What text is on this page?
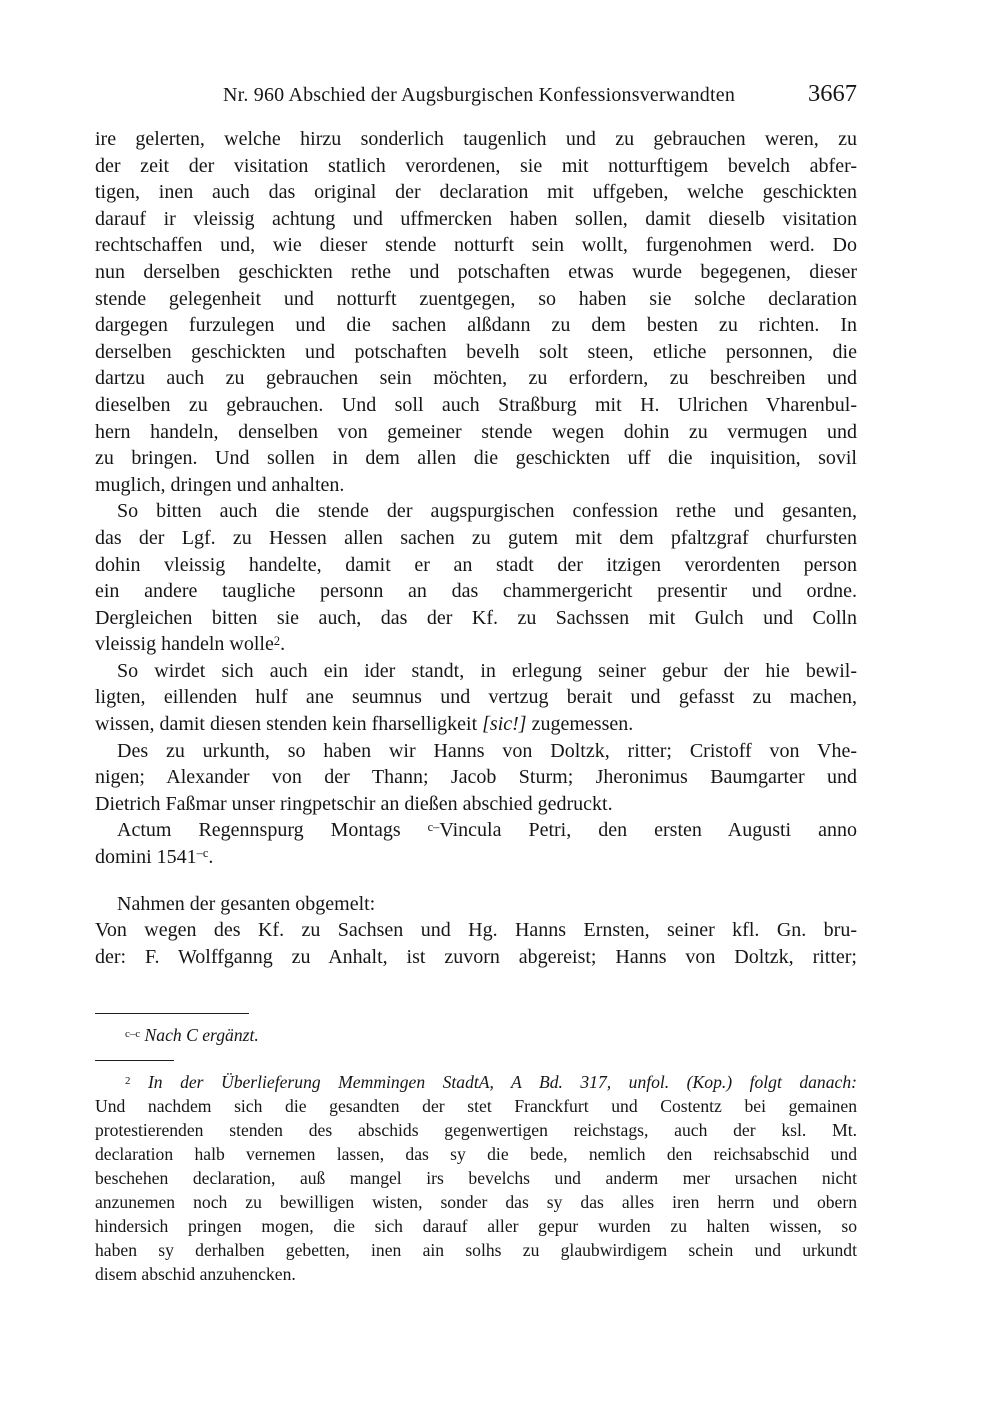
Nr. 960 Abschied der Augsburgischen Konfessionsverwandten	3667
ire gelerten, welche hirzu sonderlich taugenlich und zu gebrauchen weren, zu
der zeit der visitation statlich verordenen, sie mit notturftigem bevelch abfer-
tigen, inen auch das original der declaration mit uffgeben, welche geschickten
darauf ir vleissig achtung und uffmercken haben sollen, damit dieselb visitation
rechtschaffen und, wie dieser stende notturft sein wollt, furgenohmen werd. Do
nun derselben geschickten rethe und potschaften etwas wurde begegenen, dieser
stende gelegenheit und notturft zuentgegen, so haben sie solche declaration
dargegen furzulegen und die sachen alßdann zu dem besten zu richten. In
derselben geschickten und potschaften bevelh solt steen, etliche personnen, die
dartzu auch zu gebrauchen sein möchten, zu erfordern, zu beschreiben und
dieselben zu gebrauchen. Und soll auch Straßburg mit H. Ulrichen Vharenbul-
hern handeln, denselben von gemeiner stende wegen dohin zu vermugen und
zu bringen. Und sollen in dem allen die geschickten uff die inquisition, sovil
muglich, dringen und anhalten.
So bitten auch die stende der augspurgischen confession rethe und gesanten,
das der Lgf. zu Hessen allen sachen zu gutem mit dem pfaltzgraf churfursten
dohin vleissig handelte, damit er an stadt der itzigen verordenten person
ein andere taugliche personn an das chammergericht presentir und ordne.
Dergleichen bitten sie auch, das der Kf. zu Sachssen mit Gulch und Colln
vleissig handeln wolle$^2$.
So wirdet sich auch ein ider standt, in erlegung seiner gebur der hie bewil-
ligten, eillenden hulf ane seumnus und vertzug berait und gefasst zu machen,
wissen, damit diesen stenden kein fharselligkeit [sic!] zugemessen.
Des zu urkunth, so haben wir Hanns von Doltzk, ritter; Cristoff von Vhe-
nigen; Alexander von der Thann; Jacob Sturm; Jheronimus Baumgarter und
Dietrich Faßmar unser ringpetschir an dießen abschied gedruckt.
Actum Regennspurg Montags $^{c-}$Vincula Petri, den ersten Augusti anno
domini $1541^{-c}$.
Nahmen der gesanten obgemelt:
Von wegen des Kf. zu Sachsen und Hg. Hanns Ernsten, seiner kfl. Gn. bru-
der: F. Wolffganng zu Anhalt, ist zuvorn abgereist; Hanns von Doltzk, ritter;
$^{c-c}$ Nach C ergänzt.
$^2$ In der Überlieferung Memmingen StadtA, A Bd. 317, unfol. (Kop.) folgt danach:
Und nachdem sich die gesandten der stet Franckfurt und Costentz bei gemainen
protestierenden stenden des abschids gegenwertigen reichstags, auch der ksl. Mt.
declaration halb vernemen lassen, das sy die bede, nemlich den reichsabschid und
beschehen declaration, auß mangel irs bevelchs und anderm mer ursachen nicht
anzunemen noch zu bewilligen wisten, sonder das sy das alles iren herrn und obern
hindersich pringen mogen, die sich darauf aller gepur wurden zu halten wissen, so
haben sy derhalben gebetten, inen ain solhs zu glaubwirdigem schein und urkundt
disem abschid anzuhencken.
